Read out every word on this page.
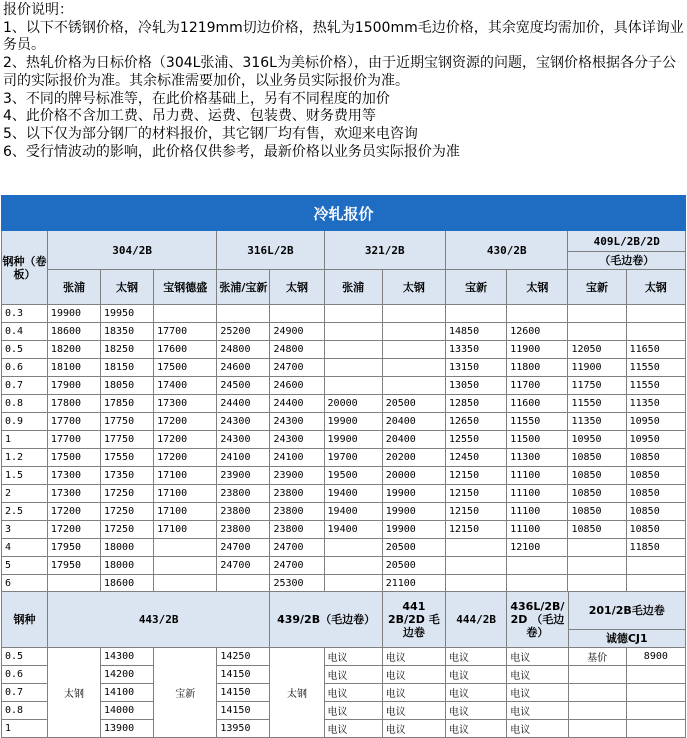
报价说明：
1、以下不锈钢价格，冷轧为1219mm切边价格，热轧为1500mm毛边价格，其余宽度均需加价，具体详询业务员。
2、热轧价格为日标价格（304L张浦、316L为美标价格），由于近期宝钢资源的问题，宝钢价格根据各分子公司的实际报价为准。其余标准需要加价，以业务员实际报价为准。
3、不同的牌号标准等，在此价格基础上，另有不同程度的加价
4、此价格不含加工费、吊力费、运费、包装费、财务费用等
5、以下仅为部分钢厂的材料报价，其它钢厂均有售，欢迎来电咨询
6、受行情波动的影响，此价格仅供参考，最新价格以业务员实际报价为准
冷轧报价											
钢种（卷板）	304/2B			316L/2B		321/2B		430/2B		409L/2B/2D	
										（毛边卷）	
	张浦	太钢	宝钢德盛	张浦/宝新	太钢	张浦	太钢	宝新	太钢	宝新	太钢
0.3	19900	19950									
0.4	18600	18350	17700	25200	24900			14850	12600		
0.5	18200	18250	17600	24800	24800			13350	11900	12050	11650
0.6	18100	18150	17500	24600	24700			13150	11800	11900	11550
0.7	17900	18050	17400	24500	24600			13050	11700	11750	11550
0.8	17800	17850	17300	24400	24400	20000	20500	12850	11600	11550	11350
0.9	17700	17750	17200	24300	24300	19900	20400	12650	11550	11350	10950
1	17700	17750	17200	24300	24300	19900	20400	12550	11500	10950	10950
1.2	17500	17550	17200	24100	24100	19700	20200	12450	11300	10850	10850
1.5	17300	17350	17100	23900	23900	19500	20000	12150	11100	10850	10850
2	17300	17250	17100	23800	23800	19400	19900	12150	11100	10850	10850
2.5	17200	17250	17100	23800	23800	19400	19900	12150	11100	10850	10850
3	17200	17250	17100	23800	23800	19400	19900	12150	11100	10850	10850
4	17950	18000		24700	24700		20500		12100		11850
5	17950	18000		24700	24700		20500				
6		18600			25300		21100				
钢种	443/2B				439/2B（毛边卷）		441 2B/2D 毛边卷	444/2B	436L/2B/ 2D （毛边卷）	201/2B毛边卷	
										诚德CJ1	
0.5	太钢	14300	宝新	14250	太钢	电议	电议	电议	电议	基价	8900
0.6		14200		14150		电议	电议	电议	电议		
0.7		14100		14150		电议	电议	电议	电议		
0.8		14000		14150		电议	电议	电议	电议		
1		13900		13950		电议	电议	电议	电议		
